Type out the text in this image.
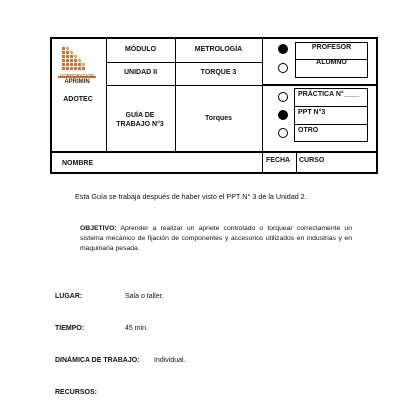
CORPORACION
APRIMIN
ADOTEC
MÓDULO	METROLOGÍA
UNIDAD II	TORQUE 3
GUÍA DE TRABAJO N°3
Torques
PROFESOR
ALUMNO
PRÁCTICA N°____
PPT N°3
OTRO
NOMBRE	FECHA CURSO
Esta Guía se trabaja después de haber visto el PPT N° 3 de la Unidad 2.
OBJETIVO: Aprender a realizar un apriete controlado o torquear correctamente un sistema mecánico de fijación de componentes y accesorios utilizados en industrias y en maquinaria pesada.
LUGAR:	Sala o taller.
TIEMPO:	45 min.
DINÁMICA DE TRABAJO: Individual.
RECURSOS:
